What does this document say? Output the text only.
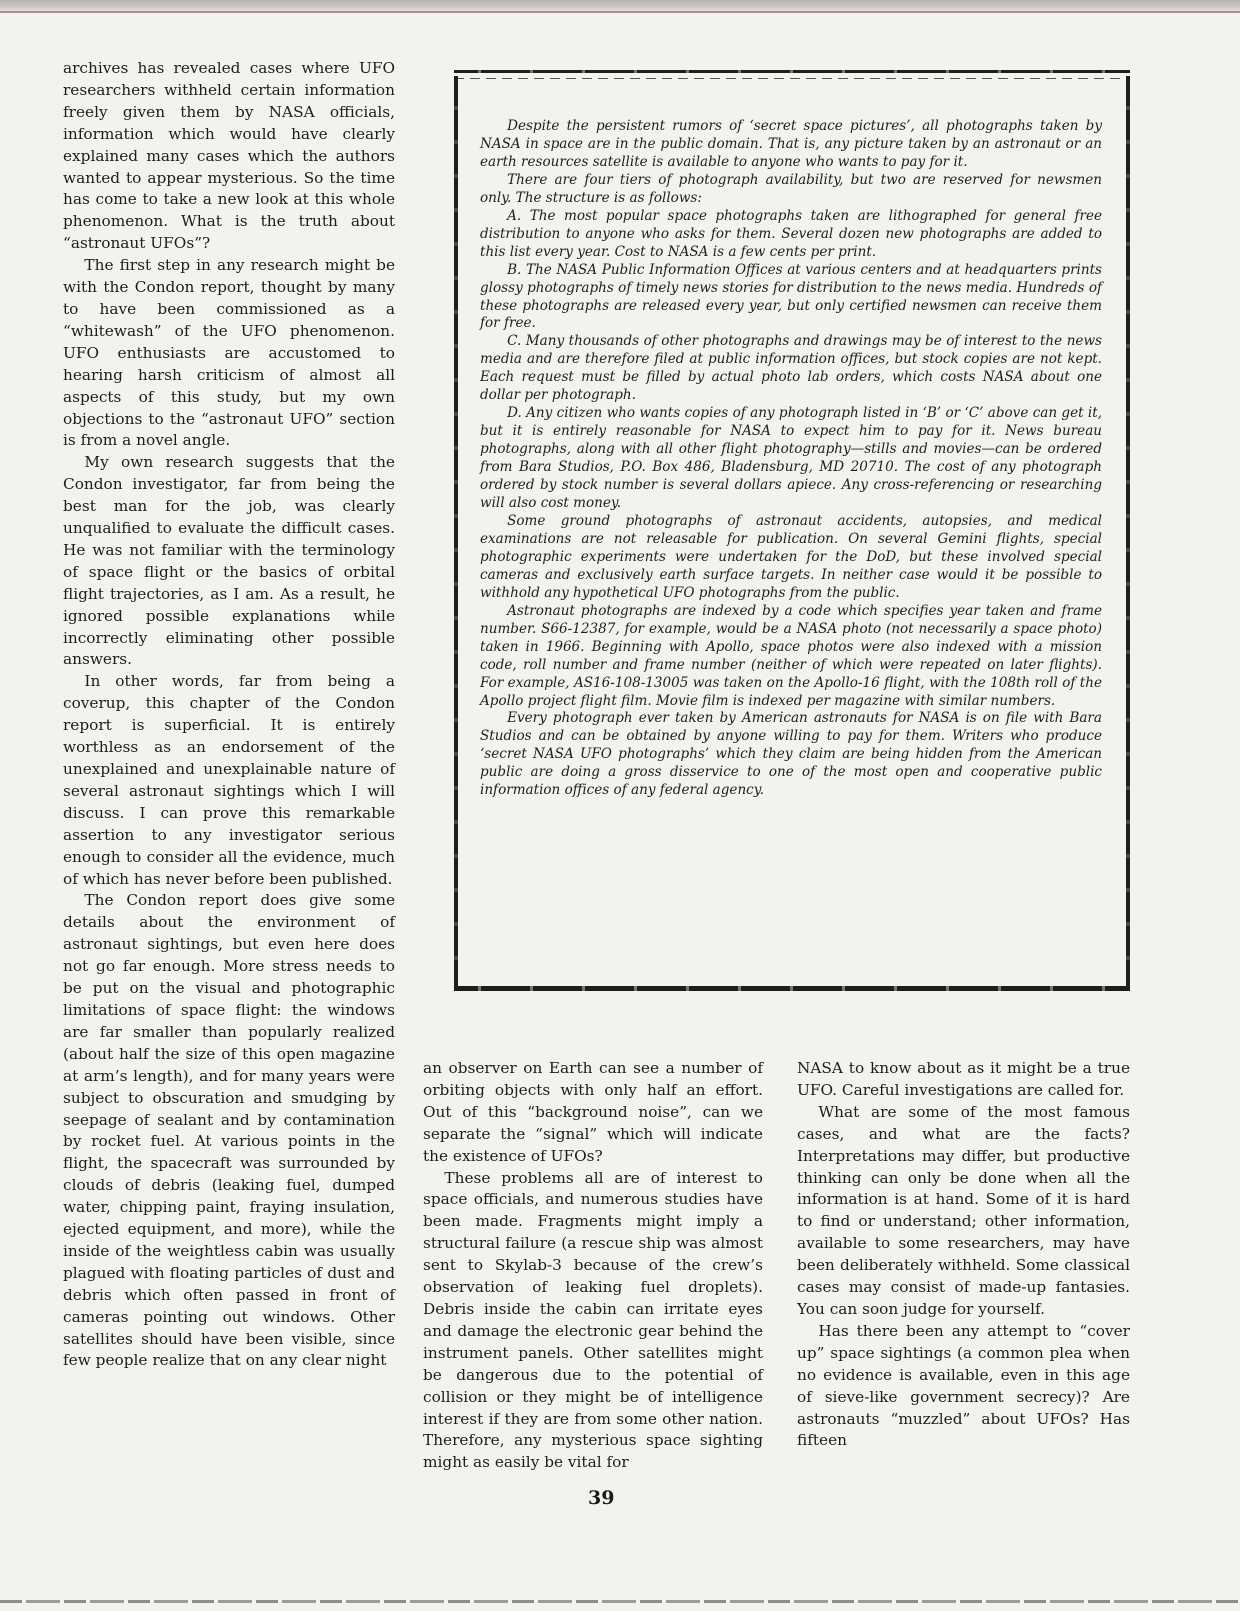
archives has revealed cases where UFO researchers withheld certain information freely given them by NASA officials, information which would have clearly explained many cases which the authors wanted to appear mysterious. So the time has come to take a new look at this whole phenomenon. What is the truth about “astronaut UFOs”?

The first step in any research might be with the Condon report, thought by many to have been commissioned as a “whitewash” of the UFO phenomenon. UFO enthusiasts are accustomed to hearing harsh criticism of almost all aspects of this study, but my own objections to the “astronaut UFO” section is from a novel angle.

My own research suggests that the Condon investigator, far from being the best man for the job, was clearly unqualified to evaluate the difficult cases. He was not familiar with the terminology of space flight or the basics of orbital flight trajectories, as I am. As a result, he ignored possible explanations while incorrectly eliminating other possible answers.

In other words, far from being a coverup, this chapter of the Condon report is superficial. It is entirely worthless as an endorsement of the unexplained and unexplainable nature of several astronaut sightings which I will discuss. I can prove this remarkable assertion to any investigator serious enough to consider all the evidence, much of which has never before been published.

The Condon report does give some details about the environment of astronaut sightings, but even here does not go far enough. More stress needs to be put on the visual and photographic limitations of space flight: the windows are far smaller than popularly realized (about half the size of this open magazine at arm’s length), and for many years were subject to obscuration and smudging by seepage of sealant and by contamination by rocket fuel. At various points in the flight, the spacecraft was surrounded by clouds of debris (leaking fuel, dumped water, chipping paint, fraying insulation, ejected equipment, and more), while the inside of the weightless cabin was usually plagued with floating particles of dust and debris which often passed in front of cameras pointing out windows. Other satellites should have been visible, since few people realize that on any clear night

Despite the persistent rumors of ‘secret space pictures’, all photographs taken by NASA in space are in the public domain. That is, any picture taken by an astronaut or an earth resources satellite is available to anyone who wants to pay for it.

There are four tiers of photograph availability, but two are reserved for newsmen only. The structure is as follows:

A. The most popular space photographs taken are lithographed for general free distribution to anyone who asks for them. Several dozen new photographs are added to this list every year. Cost to NASA is a few cents per print.

B. The NASA Public Information Offices at various centers and at headquarters prints glossy photographs of timely news stories for distribution to the news media. Hundreds of these photographs are released every year, but only certified newsmen can receive them for free.

C. Many thousands of other photographs and drawings may be of interest to the news media and are therefore filed at public information offices, but stock copies are not kept. Each request must be filled by actual photo lab orders, which costs NASA about one dollar per photograph.

D. Any citizen who wants copies of any photograph listed in ‘B’ or ‘C’ above can get it, but it is entirely reasonable for NASA to expect him to pay for it. News bureau photographs, along with all other flight photography—stills and movies—can be ordered from Bara Studios, P.O. Box 486, Bladensburg, MD 20710. The cost of any photograph ordered by stock number is several dollars apiece. Any cross-referencing or researching will also cost money.

Some ground photographs of astronaut accidents, autopsies, and medical examinations are not releasable for publication. On several Gemini flights, special photographic experiments were undertaken for the DoD, but these involved special cameras and exclusively earth surface targets. In neither case would it be possible to withhold any hypothetical UFO photographs from the public.

Astronaut photographs are indexed by a code which specifies year taken and frame number. S66-12387, for example, would be a NASA photo (not necessarily a space photo) taken in 1966. Beginning with Apollo, space photos were also indexed with a mission code, roll number and frame number (neither of which were repeated on later flights). For example, AS16-108-13005 was taken on the Apollo-16 flight, with the 108th roll of the Apollo project flight film. Movie film is indexed per magazine with similar numbers.

Every photograph ever taken by American astronauts for NASA is on file with Bara Studios and can be obtained by anyone willing to pay for them. Writers who produce ‘secret NASA UFO photographs’ which they claim are being hidden from the American public are doing a gross disservice to one of the most open and cooperative public information offices of any federal agency.

an observer on Earth can see a number of orbiting objects with only half an effort. Out of this “background noise”, can we separate the “signal” which will indicate the existence of UFOs?

These problems all are of interest to space officials, and numerous studies have been made. Fragments might imply a structural failure (a rescue ship was almost sent to Skylab-3 because of the crew’s observation of leaking fuel droplets). Debris inside the cabin can irritate eyes and damage the electronic gear behind the instrument panels. Other satellites might be dangerous due to the potential of collision or they might be of intelligence interest if they are from some other nation. Therefore, any mysterious space sighting might as easily be vital for

NASA to know about as it might be a true UFO. Careful investigations are called for.

What are some of the most famous cases, and what are the facts? Interpretations may differ, but productive thinking can only be done when all the information is at hand. Some of it is hard to find or understand; other information, available to some researchers, may have been deliberately withheld. Some classical cases may consist of made-up fantasies. You can soon judge for yourself.

Has there been any attempt to “cover up” space sightings (a common plea when no evidence is available, even in this age of sieve-like government secrecy)? Are astronauts “muzzled” about UFOs? Has fifteen

39
